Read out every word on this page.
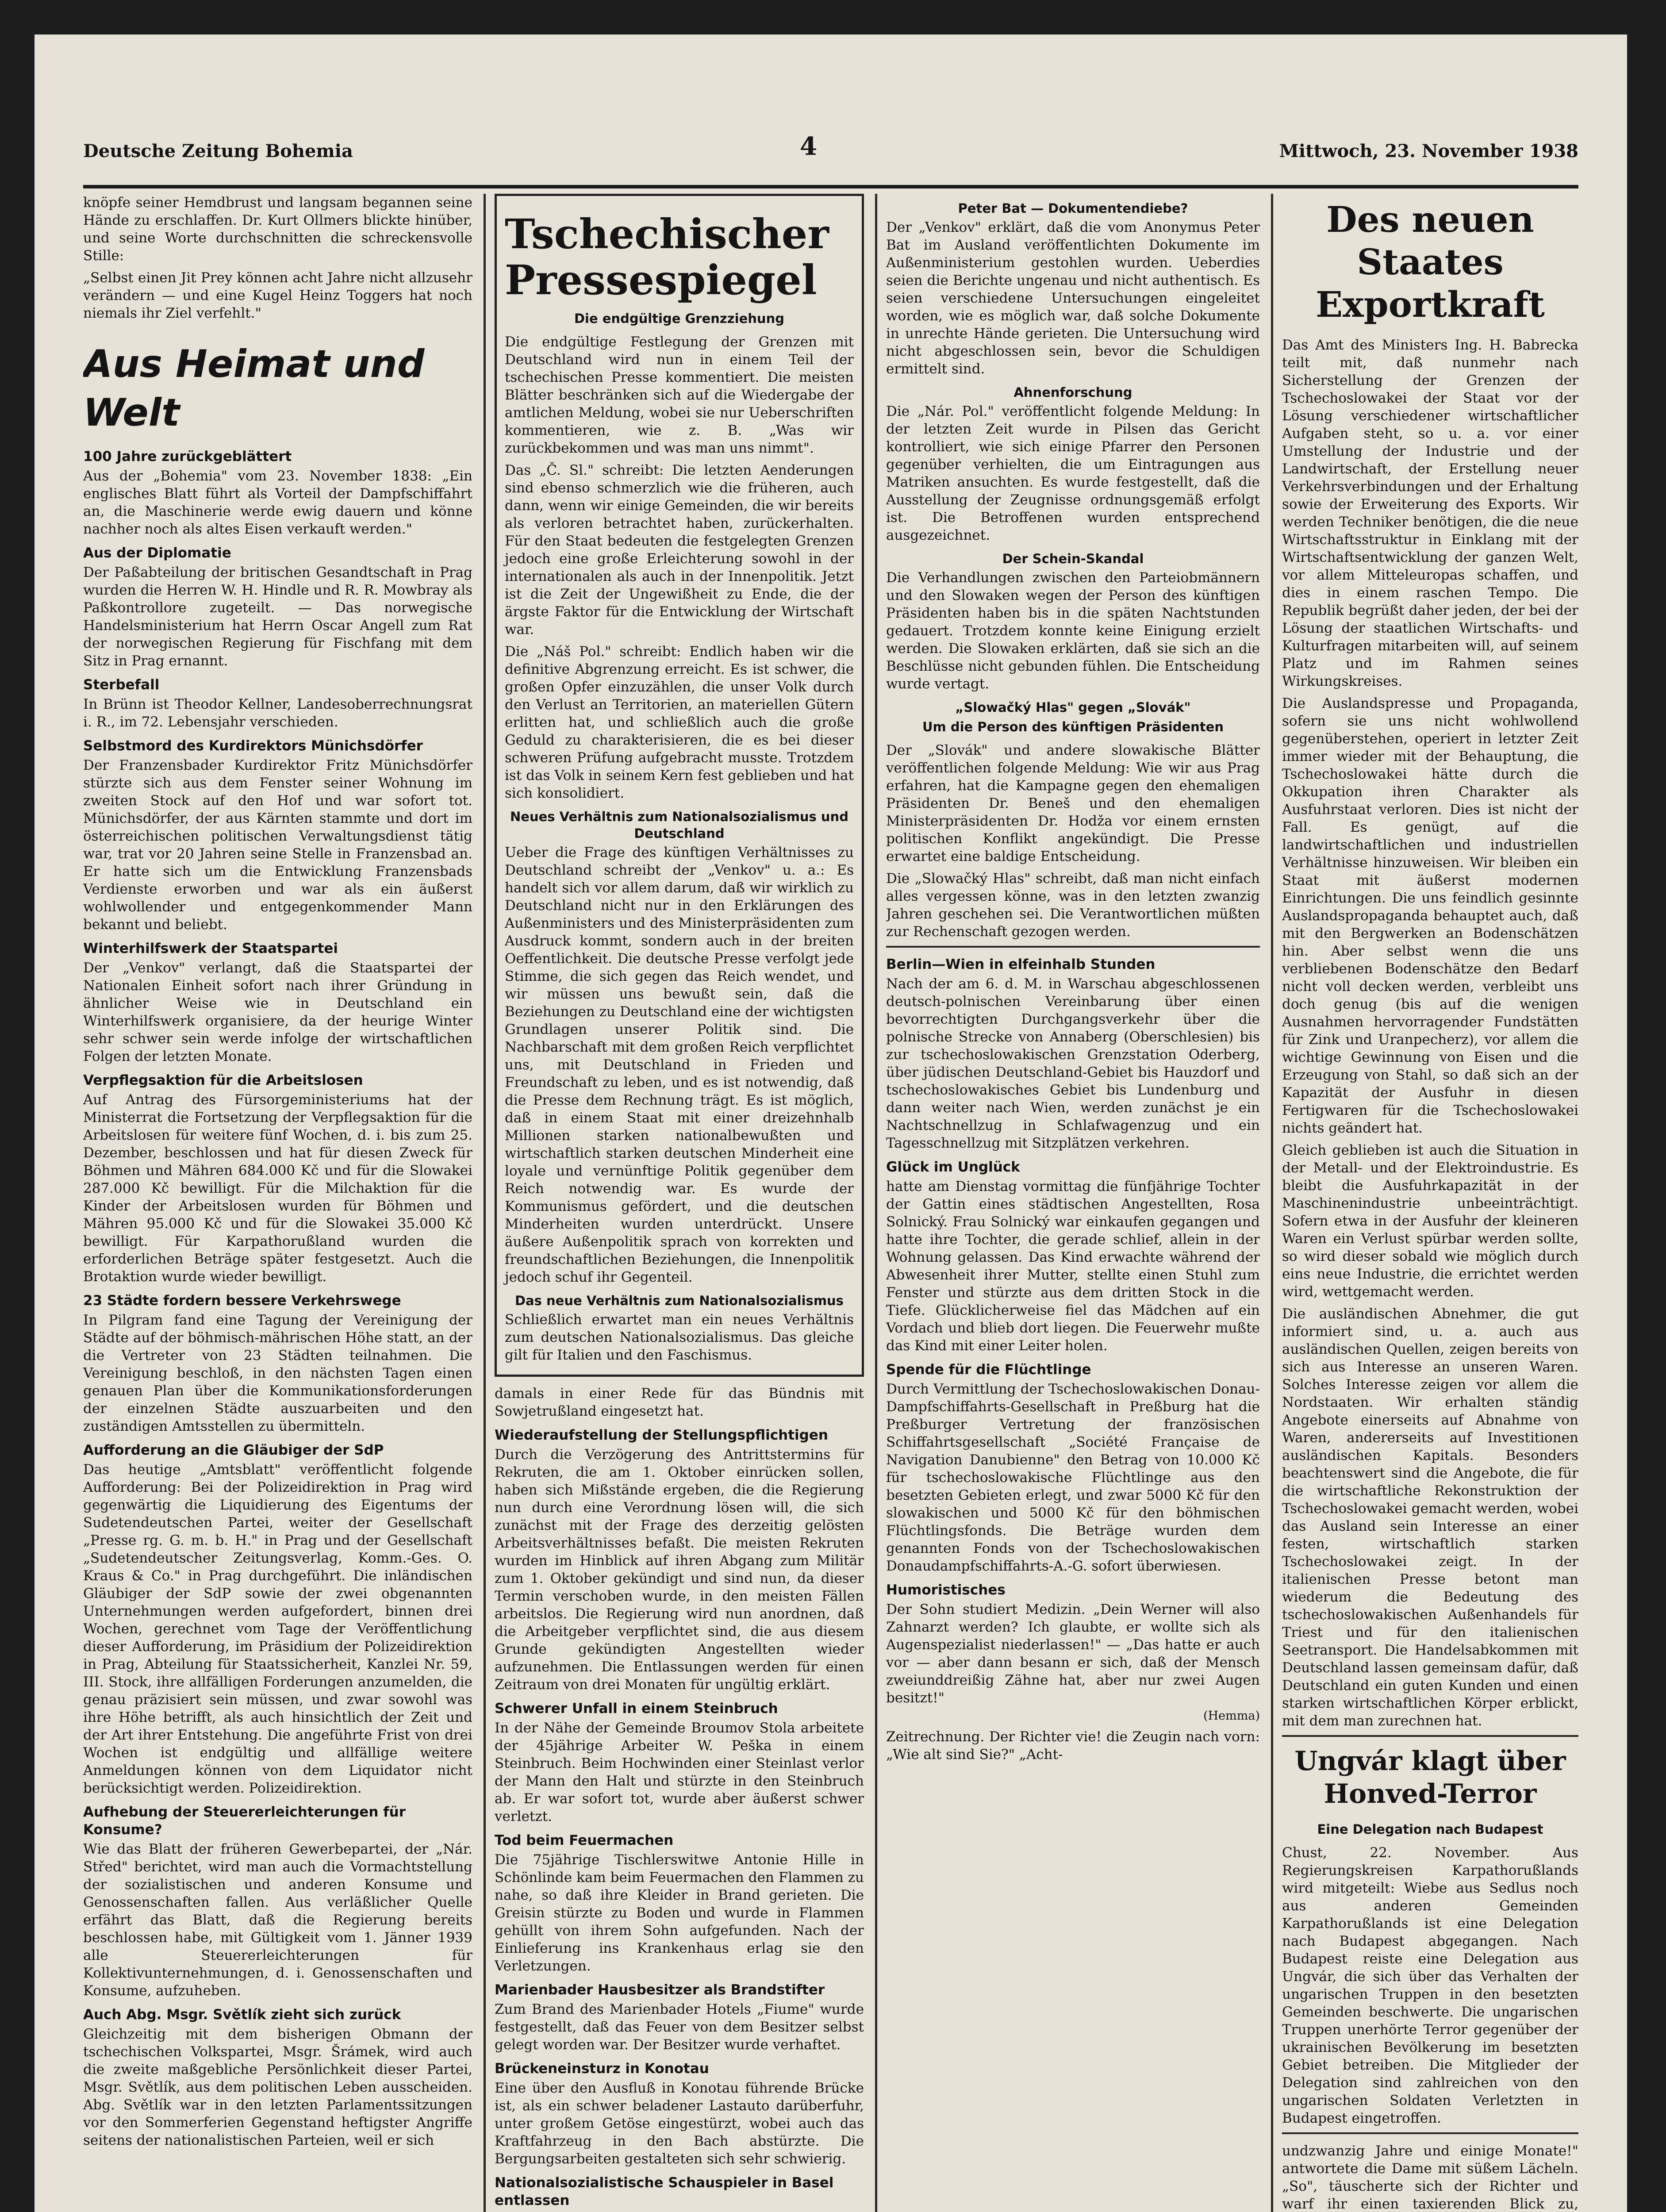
Deutsche Zeitung Bohemia	4	Mittwoch, 23. November 1938

knöpfe seiner Hemdbrust und langsam begannen seine Hände zu erschlaffen. Dr. Kurt Ollmers blickte hinüber, und seine Worte durchschnitten die schreckensvolle Stille:

„Selbst einen Jit Prey können acht Jahre nicht allzusehr verändern — und eine Kugel Heinz Toggers hat noch niemals ihr Ziel verfehlt."

Aus Heimat und Welt
100 Jahre zurückgeblättert

Aus der „Bohemia" vom 23. November 1838: „Ein englisches Blatt führt als Vorteil der Dampfschiffahrt an, die Maschinerie werde ewig dauern und könne nachher noch als altes Eisen verkauft werden."

Aus der Diplomatie

Der Paßabteilung der britischen Gesandtschaft in Prag wurden die Herren W. H. Hindle und R. R. Mowbray als Paßkontrollore zugeteilt. — Das norwegische Handelsministerium hat Herrn Oscar Angell zum Rat der norwegischen Regierung für Fischfang mit dem Sitz in Prag ernannt.

Sterbefall

In Brünn ist Theodor Kellner, Landesoberrechnungsrat i. R., im 72. Lebensjahr verschieden.

Selbstmord des Kurdirektors Münichsdörfer

Der Franzensbader Kurdirektor Fritz Münichsdörfer stürzte sich aus dem Fenster seiner Wohnung im zweiten Stock auf den Hof und war sofort tot. Münichsdörfer, der aus Kärnten stammte und dort im österreichischen politischen Verwaltungsdienst tätig war, trat vor 20 Jahren seine Stelle in Franzensbad an. Er hatte sich um die Entwicklung Franzensbads Verdienste erworben und war als ein äußerst wohlwollender und entgegenkommender Mann bekannt und beliebt.

Winterhilfswerk der Staatspartei

Der „Venkov" verlangt, daß die Staatspartei der Nationalen Einheit sofort nach ihrer Gründung in ähnlicher Weise wie in Deutschland ein Winterhilfswerk organisiere, da der heurige Winter sehr schwer sein werde infolge der wirtschaftlichen Folgen der letzten Monate.

Verpflegsaktion für die Arbeitslosen

Auf Antrag des Fürsorgeministeriums hat der Ministerrat die Fortsetzung der Verpflegsaktion für die Arbeitslosen für weitere fünf Wochen, d. i. bis zum 25. Dezember, beschlossen und hat für diesen Zweck für Böhmen und Mähren 684.000 Kč und für die Slowakei 287.000 Kč bewilligt. Für die Milchaktion für die Kinder der Arbeitslosen wurden für Böhmen und Mähren 95.000 Kč und für die Slowakei 35.000 Kč bewilligt. Für Karpathorußland wurden die erforderlichen Beträge später festgesetzt. Auch die Brotaktion wurde wieder bewilligt.

23 Städte fordern bessere Verkehrswege

In Pilgram fand eine Tagung der Vereinigung der Städte auf der böhmisch-mährischen Höhe statt, an der die Vertreter von 23 Städten teilnahmen. Die Vereinigung beschloß, in den nächsten Tagen einen genauen Plan über die Kommunikationsforderungen der einzelnen Städte auszuarbeiten und den zuständigen Amtsstellen zu übermitteln.

Aufforderung an die Gläubiger der SdP

Das heutige „Amtsblatt" veröffentlicht folgende Aufforderung: Bei der Polizeidirektion in Prag wird gegenwärtig die Liquidierung des Eigentums der Sudetendeutschen Partei, weiter der Gesellschaft „Presse rg. G. m. b. H." in Prag und der Gesellschaft „Sudetendeutscher Zeitungsverlag, Komm.-Ges. O. Kraus & Co." in Prag durchgeführt. Die inländischen Gläubiger der SdP sowie der zwei obgenannten Unternehmungen werden aufgefordert, binnen drei Wochen, gerechnet vom Tage der Veröffentlichung dieser Aufforderung, im Präsidium der Polizeidirektion in Prag, Abteilung für Staatssicherheit, Kanzlei Nr. 59, III. Stock, ihre allfälligen Forderungen anzumelden, die genau präzisiert sein müssen, und zwar sowohl was ihre Höhe betrifft, als auch hinsichtlich der Zeit und der Art ihrer Entstehung. Die angeführte Frist von drei Wochen ist endgültig und allfällige weitere Anmeldungen können von dem Liquidator nicht berücksichtigt werden. Polizeidirektion.

Aufhebung der Steuererleichterungen für Konsume?

Wie das Blatt der früheren Gewerbepartei, der „Nár. Střed" berichtet, wird man auch die Vormachtstellung der sozialistischen und anderen Konsume und Genossenschaften fallen. Aus verläßlicher Quelle erfährt das Blatt, daß die Regierung bereits beschlossen habe, mit Gültigkeit vom 1. Jänner 1939 alle Steuererleichterungen für Kollektivunternehmungen, d. i. Genossenschaften und Konsume, aufzuheben.

Auch Abg. Msgr. Světlík zieht sich zurück

Gleichzeitig mit dem bisherigen Obmann der tschechischen Volkspartei, Msgr. Šrámek, wird auch die zweite maßgebliche Persönlichkeit dieser Partei, Msgr. Světlík, aus dem politischen Leben ausscheiden. Abg. Světlík war in den letzten Parlamentssitzungen vor den Sommerferien Gegenstand heftigster Angriffe seitens der nationalistischen Parteien, weil er sich

Tschechischer Pressespiegel
Die endgültige Grenzziehung

Die endgültige Festlegung der Grenzen mit Deutschland wird nun in einem Teil der tschechischen Presse kommentiert. Die meisten Blätter beschränken sich auf die Wiedergabe der amtlichen Meldung, wobei sie nur Ueberschriften kommentieren, wie z. B. „Was wir zurückbekommen und was man uns nimmt".

Das „Č. Sl." schreibt: Die letzten Aenderungen sind ebenso schmerzlich wie die früheren, auch dann, wenn wir einige Gemeinden, die wir bereits als verloren betrachtet haben, zurückerhalten. Für den Staat bedeuten die festgelegten Grenzen jedoch eine große Erleichterung sowohl in der internationalen als auch in der Innenpolitik. Jetzt ist die Zeit der Ungewißheit zu Ende, die der ärgste Faktor für die Entwicklung der Wirtschaft war.

Die „Náš Pol." schreibt: Endlich haben wir die definitive Abgrenzung erreicht. Es ist schwer, die großen Opfer einzuzählen, die unser Volk durch den Verlust an Territorien, an materiellen Gütern erlitten hat, und schließlich auch die große Geduld zu charakterisieren, die es bei dieser schweren Prüfung aufgebracht musste. Trotzdem ist das Volk in seinem Kern fest geblieben und hat sich konsolidiert.

Neues Verhältnis zum Nationalsozialismus und Deutschland

Ueber die Frage des künftigen Verhältnisses zu Deutschland schreibt der „Venkov" u. a.: Es handelt sich vor allem darum, daß wir wirklich zu Deutschland nicht nur in den Erklärungen des Außenministers und des Ministerpräsidenten zum Ausdruck kommt, sondern auch in der breiten Oeffentlichkeit. Die deutsche Presse verfolgt jede Stimme, die sich gegen das Reich wendet, und wir müssen uns bewußt sein, daß die Beziehungen zu Deutschland eine der wichtigsten Grundlagen unserer Politik sind. Die Nachbarschaft mit dem großen Reich verpflichtet uns, mit Deutschland in Frieden und Freundschaft zu leben, und es ist notwendig, daß die Presse dem Rechnung trägt. Es ist möglich, daß in einem Staat mit einer dreizehnhalb Millionen starken nationalbewußten und wirtschaftlich starken deutschen Minderheit eine loyale und vernünftige Politik gegenüber dem Reich notwendig war. Es wurde der Kommunismus gefördert, und die deutschen Minderheiten wurden unterdrückt. Unsere äußere Außenpolitik sprach von korrekten und freundschaftlichen Beziehungen, die Innenpolitik jedoch schuf ihr Gegenteil.

Das neue Verhältnis zum Nationalsozialismus

Schließlich erwartet man ein neues Verhältnis zum deutschen Nationalsozialismus. Das gleiche gilt für Italien und den Faschismus.

damals in einer Rede für das Bündnis mit Sowjetrußland eingesetzt hat.

Wiederaufstellung der Stellungspflichtigen

Durch die Verzögerung des Antrittstermins für Rekruten, die am 1. Oktober einrücken sollen, haben sich Mißstände ergeben, die die Regierung nun durch eine Verordnung lösen will, die sich zunächst mit der Frage des derzeitig gelösten Arbeitsverhältnisses befaßt. Die meisten Rekruten wurden im Hinblick auf ihren Abgang zum Militär zum 1. Oktober gekündigt und sind nun, da dieser Termin verschoben wurde, in den meisten Fällen arbeitslos. Die Regierung wird nun anordnen, daß die Arbeitgeber verpflichtet sind, die aus diesem Grunde gekündigten Angestellten wieder aufzunehmen. Die Entlassungen werden für einen Zeitraum von drei Monaten für ungültig erklärt.

Schwerer Unfall in einem Steinbruch

In der Nähe der Gemeinde Broumov Stola arbeitete der 45jährige Arbeiter W. Peška in einem Steinbruch. Beim Hochwinden einer Steinlast verlor der Mann den Halt und stürzte in den Steinbruch ab. Er war sofort tot, wurde aber äußerst schwer verletzt.

Tod beim Feuermachen

Die 75jährige Tischlerswitwe Antonie Hille in Schönlinde kam beim Feuermachen den Flammen zu nahe, so daß ihre Kleider in Brand gerieten. Die Greisin stürzte zu Boden und wurde in Flammen gehüllt von ihrem Sohn aufgefunden. Nach der Einlieferung ins Krankenhaus erlag sie den Verletzungen.

Marienbader Hausbesitzer als Brandstifter

Zum Brand des Marienbader Hotels „Fiume" wurde festgestellt, daß das Feuer von dem Besitzer selbst gelegt worden war. Der Besitzer wurde verhaftet.

Brückeneinsturz in Konotau

Eine über den Ausfluß in Konotau führende Brücke ist, als ein schwer beladener Lastauto darüberfuhr, unter großem Getöse eingestürzt, wobei auch das Kraftfahrzeug in den Bach abstürzte. Die Bergungsarbeiten gestalteten sich sehr schwierig.

Nationalsozialistische Schauspieler in Basel entlassen

Peter Bat — Dokumentendiebe?

Der „Venkov" erklärt, daß die vom Anonymus Peter Bat im Ausland veröffentlichten Dokumente im Außenministerium gestohlen wurden. Ueberdies seien die Berichte ungenau und nicht authentisch. Es seien verschiedene Untersuchungen eingeleitet worden, wie es möglich war, daß solche Dokumente in unrechte Hände gerieten. Die Untersuchung wird nicht abgeschlossen sein, bevor die Schuldigen ermittelt sind.

Ahnenforschung

Die „Nár. Pol." veröffentlicht folgende Meldung: In der letzten Zeit wurde in Pilsen das Gericht kontrolliert, wie sich einige Pfarrer den Personen gegenüber verhielten, die um Eintragungen aus Matriken ansuchten. Es wurde festgestellt, daß die Ausstellung der Zeugnisse ordnungsgemäß erfolgt ist. Die Betroffenen wurden entsprechend ausgezeichnet.

Der Schein-Skandal

Die Verhandlungen zwischen den Parteiobmännern und den Slowaken wegen der Person des künftigen Präsidenten haben bis in die späten Nachtstunden gedauert. Trotzdem konnte keine Einigung erzielt werden. Die Slowaken erklärten, daß sie sich an die Beschlüsse nicht gebunden fühlen. Die Entscheidung wurde vertagt.

„Slowačký Hlas" gegen „Slovák"
Um die Person des künftigen Präsidenten

Der „Slovák" und andere slowakische Blätter veröffentlichen folgende Meldung: Wie wir aus Prag erfahren, hat die Kampagne gegen den ehemaligen Präsidenten Dr. Beneš und den ehemaligen Ministerpräsidenten Dr. Hodža vor einem ernsten politischen Konflikt angekündigt. Die Presse erwartet eine baldige Entscheidung.

Die „Slowačký Hlas" schreibt, daß man nicht einfach alles vergessen könne, was in den letzten zwanzig Jahren geschehen sei. Die Verantwortlichen müßten zur Rechenschaft gezogen werden.

Berlin—Wien in elfeinhalb Stunden

Nach der am 6. d. M. in Warschau abgeschlossenen deutsch-polnischen Vereinbarung über einen bevorrechtigten Durchgangsverkehr über die polnische Strecke von Annaberg (Oberschlesien) bis zur tschechoslowakischen Grenzstation Oderberg, über jüdischen Deutschland-Gebiet bis Hauzdorf und tschechoslowakisches Gebiet bis Lundenburg und dann weiter nach Wien, werden zunächst je ein Nachtschnellzug in Schlafwagenzug und ein Tagesschnellzug mit Sitzplätzen verkehren.

Glück im Unglück

hatte am Dienstag vormittag die fünfjährige Tochter der Gattin eines städtischen Angestellten, Rosa Solnický. Frau Solnický war einkaufen gegangen und hatte ihre Tochter, die gerade schlief, allein in der Wohnung gelassen. Das Kind erwachte während der Abwesenheit ihrer Mutter, stellte einen Stuhl zum Fenster und stürzte aus dem dritten Stock in die Tiefe. Glücklicherweise fiel das Mädchen auf ein Vordach und blieb dort liegen. Die Feuerwehr mußte das Kind mit einer Leiter holen.

Spende für die Flüchtlinge

Durch Vermittlung der Tschechoslowakischen Donau-Dampfschiffahrts-Gesellschaft in Preßburg hat die Preßburger Vertretung der französischen Schiffahrtsgesellschaft „Société Française de Navigation Danubienne" den Betrag von 10.000 Kč für tschechoslowakische Flüchtlinge aus den besetzten Gebieten erlegt, und zwar 5000 Kč für den slowakischen und 5000 Kč für den böhmischen Flüchtlingsfonds. Die Beträge wurden dem genannten Fonds von der Tschechoslowakischen Donaudampfschiffahrts-A.-G. sofort überwiesen.

Humoristisches

Der Sohn studiert Medizin. „Dein Werner will also Zahnarzt werden? Ich glaubte, er wollte sich als Augenspezialist niederlassen!" — „Das hatte er auch vor — aber dann besann er sich, daß der Mensch zweiunddreißig Zähne hat, aber nur zwei Augen besitzt!"

(Hemma)

Zeitrechnung. Der Richter vie! die Zeugin nach vorn: „Wie alt sind Sie?" „Acht-

Des neuen Staates Exportkraft

Das Amt des Ministers Ing. H. Babrecka teilt mit, daß nunmehr nach Sicherstellung der Grenzen der Tschechoslowakei der Staat vor der Lösung verschiedener wirtschaftlicher Aufgaben steht, so u. a. vor einer Umstellung der Industrie und der Landwirtschaft, der Erstellung neuer Verkehrsverbindungen und der Erhaltung sowie der Erweiterung des Exports. Wir werden Techniker benötigen, die die neue Wirtschaftsstruktur in Einklang mit der Wirtschaftsentwicklung der ganzen Welt, vor allem Mitteleuropas schaffen, und dies in einem raschen Tempo. Die Republik begrüßt daher jeden, der bei der Lösung der staatlichen Wirtschafts- und Kulturfragen mitarbeiten will, auf seinem Platz und im Rahmen seines Wirkungskreises.

Die Auslandspresse und Propaganda, sofern sie uns nicht wohlwollend gegenüberstehen, operiert in letzter Zeit immer wieder mit der Behauptung, die Tschechoslowakei hätte durch die Okkupation ihren Charakter als Ausfuhrstaat verloren. Dies ist nicht der Fall. Es genügt, auf die landwirtschaftlichen und industriellen Verhältnisse hinzuweisen. Wir bleiben ein Staat mit äußerst modernen Einrichtungen. Die uns feindlich gesinnte Auslandspropaganda behauptet auch, daß mit den Bergwerken an Bodenschätzen hin. Aber selbst wenn die uns verbliebenen Bodenschätze den Bedarf nicht voll decken werden, verbleibt uns doch genug (bis auf die wenigen Ausnahmen hervorragender Fundstätten für Zink und Uranpecherz), vor allem die wichtige Gewinnung von Eisen und die Erzeugung von Stahl, so daß sich an der Kapazität der Ausfuhr in diesen Fertigwaren für die Tschechoslowakei nichts geändert hat.

Gleich geblieben ist auch die Situation in der Metall- und der Elektroindustrie. Es bleibt die Ausfuhrkapazität in der Maschinenindustrie unbeeinträchtigt. Sofern etwa in der Ausfuhr der kleineren Waren ein Verlust spürbar werden sollte, so wird dieser sobald wie möglich durch eins neue Industrie, die errichtet werden wird, wettgemacht werden.

Die ausländischen Abnehmer, die gut informiert sind, u. a. auch aus ausländischen Quellen, zeigen bereits von sich aus Interesse an unseren Waren. Solches Interesse zeigen vor allem die Nordstaaten. Wir erhalten ständig Angebote einerseits auf Abnahme von Waren, andererseits auf Investitionen ausländischen Kapitals. Besonders beachtenswert sind die Angebote, die für die wirtschaftliche Rekonstruktion der Tschechoslowakei gemacht werden, wobei das Ausland sein Interesse an einer festen, wirtschaftlich starken Tschechoslowakei zeigt. In der italienischen Presse betont man wiederum die Bedeutung des tschechoslowakischen Außenhandels für Triest und für den italienischen Seetransport. Die Handelsabkommen mit Deutschland lassen gemeinsam dafür, daß Deutschland ein guten Kunden und einen starken wirtschaftlichen Körper erblickt, mit dem man zurechnen hat.

Ungvár klagt über Honved-Terror
Eine Delegation nach Budapest

Chust, 22. November. Aus Regierungskreisen Karpathorußlands wird mitgeteilt: Wiebe aus Sedlus noch aus anderen Gemeinden Karpathorußlands ist eine Delegation nach Budapest abgegangen. Nach Budapest reiste eine Delegation aus Ungvár, die sich über das Verhalten der ungarischen Truppen in den besetzten Gemeinden beschwerte. Die ungarischen Truppen unerhörte Terror gegenüber der ukrainischen Bevölkerung im besetzten Gebiet betreiben. Die Mitglieder der Delegation sind zahlreichen von den ungarischen Soldaten Verletzten in Budapest eingetroffen.

undzwanzig Jahre und einige Monate!" antwortete die Dame mit süßem Lächeln. „So", täuscherte sich der Richter und warf ihr einen taxierenden Blick zu,
